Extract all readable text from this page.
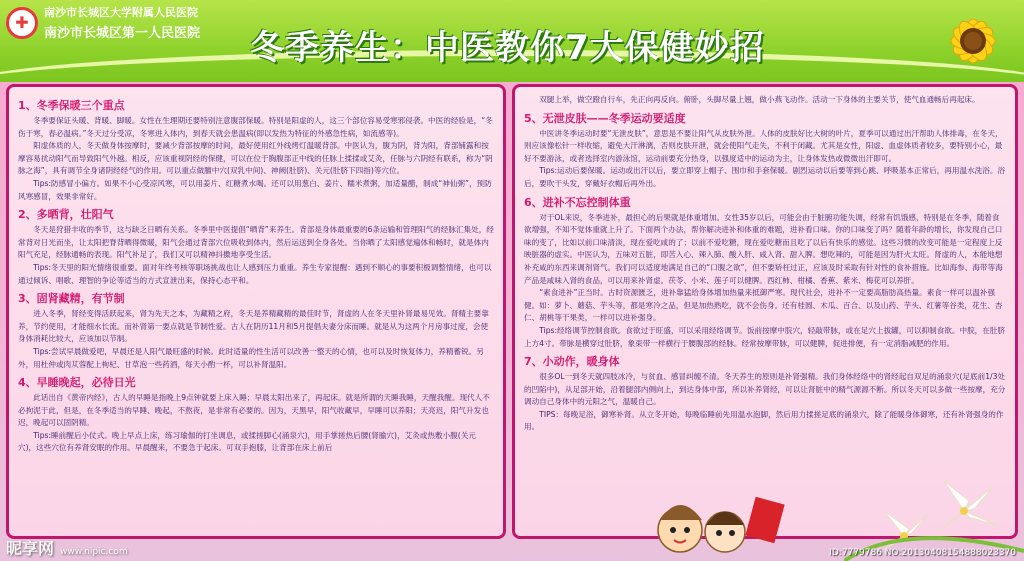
✚
南沙市长城区大学附属人民医院
南沙市长城区第一人民医院 冬季养生：中医教你7大保健妙招
1、冬季保暖三个重点
冬季要保证头暖、背暖、脚暖。女性在生理期还要特别注意腹部保暖。特别是阳虚的人，这三个部位容易受寒邪侵袭。中医的经验是，“冬伤于寒，春必温病。”冬天过分受凉，冬寒进入体内，到春天就会患温病(即以发热为特征的外感急性病，如流感等)。
阳虚体质的人，冬天做身体按摩时，要减少背部按摩的时间，最好使用红外线烤灯温暖背部。中医认为，腹为阴，背为阳，背部铺露和按摩容易扰动阳气而导致阳气外越。相反，应该重视阴经的保健，可以在位于胸腹部正中线的任脉上揉揉或艾灸，任脉与六阴经有联系，称为“阴脉之海”，具有调节全身诸阴经经气的作用。可以重点做膻中穴(双乳中间)、神阙(肚脐)、关元(肚脐下四指)等穴位。
Tips:防感冒小偏方。如果不小心受凉风寒，可以用姜片、红糖煮水喝。还可以用葱白、姜片、糯米煮粥，加适量醋，制成“神仙粥”，预防风寒感冒，效果非常好。
2、多晒背，壮阳气
冬天是狩猎丰收的季节，这与缺乏日晒有关系。冬季里中医提倡“晒背”来养生。背部是身体最重要的6条运输和管理阳气的经脉汇集处，经常背对日光而坐，让太阳把脊背晒得微暖，阳气会通过背部穴位吸收到体内，然后运送到全身各处。当你晒了太阳感觉遍体和畅时，就是体内阳气充足，经脉通畅的表现。阳气补足了，我们又可以精神抖擞地享受生活。
Tips:冬天里的阳光情绪很重要。面对年终考核等职场挑战也让人感到压力重重。养生专家提醒：遇到不顺心的事要积极调整情绪，也可以通过倾诉、唱歌、理智的争论等适当的方式宣泄出来，保持心态平和。
3、固肾藏精，有节制
进入冬季，肾经变得活跃起来，肾为先天之本，为藏精之府，冬天是养精藏精的最佳时节，肾虚的人在冬天里补肾最易见效。肾精主要靠养，节约使用，才能细水长流。而补肾第一要点就是节制性爱。古人在阴历11月和5月提倡夫妻分床而睡。就是从为这两个月房事过度，会使身体消耗比较大，应该加以节制。
Tips:尝试早晨做爱吧，早晨还是人阳气最旺盛的时候。此时适量的性生活可以改善一整天的心情，也可以及时恢复体力，养精蓄锐。另外，用杜仲或肉苁蓉配上枸杞、甘草泡一些药酒，每天小酌一杯，可以补肾温阳。
4、早睡晚起，必待日光
此话出自《黄帝内经》，古人的早睡是指晚上9点钟就要上床入睡；早晨太阳出来了，再起床。就是所谓的天睡我睡，天醒我醒。现代人不必拘泥于此，但是，在冬季适当的早睡、晚起，不熬夜，是非常有必要的。因为，天黑早，阳气收藏早，早睡可以养阳；天亮迟，阳气升发也迟，晚起可以固阴精。
Tips:睡前醒后小仗式。晚上早点上床，练习瑜伽的打坐调息，或揉搓脚心(涌泉穴)，用手掌搓热后腰(肾腧穴)，艾灸或热敷小腹(关元穴)，这些穴位有养肾安眠的作用。早晨醒来，不要急于起床。可双手抱膝，让背部在床上前后
双腿上举，做空蹬自行车，先正向再反向。俯卧，头脚尽量上翘，做小燕飞动作。活动一下身体的主要关节，使气血通畅后再起床。
5、无泄皮肤——冬季运动要适度
中医讲冬季运动时要“无泄皮肤”，意思是不要让阳气从皮肤外泄。人体的皮肤好比大树的叶片，夏季可以通过出汗帮助人体排毒，在冬天，则应该像松针一样收缩，避免大汗淋漓，否则皮肤开泄，就会使阳气走失，不利于闭藏。尤其是女性，阳虚、血虚体质者较多，要特别小心，最好不要游泳，或者选择室内游泳馆，运动前要充分热身，以强度适中的运动为主，让身体发热或微微出汗即可。
Tips:运动后要保暖。运动或出汗以后，要立即穿上帽子、围巾和手套保暖。剧烈运动以后要等到心跳、呼吸基本正常后，再用温水洗浴。浴后，要吹干头发，穿戴好衣帽后再外出。
6、进补不忘控制体重
对于OL来说，冬季进补，最担心的后果就是体重增加。女性35岁以后，可能会由于脏腑功能失调，经常有饥饿感，特别是在冬季，随着食欲增强，不知不觉体重就上升了。下面两个办法，帮你解决进补和体重的难题，进补看口味。你的口味变了吗？随着年龄的增长，你发现自己口味的变了，比如以前口味清淡，现在爱吃咸的了；以前不爱吃糖，现在爱吃糖而且吃了以后有快乐的感觉。这些习惯的改变可能是一定程度上反映脏器的虚实。中医认为，五味对五脏，即苦入心、辣入肺、酸入肝、咸入肾、甜入脾。想吃辣的，可能是因为肝火太旺。肾虚的人，本能地想补充咸的东西来调剂肾气。我们可以适度地满足自己的“口腹之欲”，但不要矫枉过正，应该及时采取有针对性的食补措施。比如海参、海带等海产品是咸味入肾的食品，可以用来补肾虚。茯苓、小米、莲子可以健脾。西红柿、柑橘、香蕉、紫米、梅花可以养肝。
“素食进补”正当时。古时资源匮乏，进补靠猛给身体增加热量来抵御严寒。现代社会，进补不一定要高脂肪高热量。素食一样可以温补强健。如：萝卜、蘑菇、芋头等，都是寒冷之品，但是加热熟吃，就不会伤身。还有桂圆、木瓜、百合、以及山药、芋头、红薯等谷类，花生、杏仁、胡桃等干果类，一样可以进补强身。
Tips:经络调节控制食欲。食欲过于旺盛，可以采用经络调节。饭前按摩中脘穴，轻敲带脉，或在足穴上拔罐，可以抑制食欲。中脘，在肚脐上方4寸。带脉是横穿过肚脐，象束带一样横行于腰腹部的经脉。经常按摩带脉，可以健脾，促进排便，有一定消脂减肥的作用。
7、小动作，暖身体
很多OL一到冬天就四肢冰冷，与贫血、感冒纠缠不清。冬天养生的原则是补肾强精。我们身体经络中的肾经起自双足的涌泉穴(足底前1/3处的凹陷中)，从足部开始，沿着腿部内侧向上，到达身体中部，所以补养肾经，可以让肾脏中的精气源源不断。所以冬天可以多做一些按摩，充分调动自己身体中的元阳之气，温暖自己。
TIPS：每晚足浴，御寒补肾。从立冬开始，每晚临睡前先用温水泡脚，然后用力揉搓足底的涌泉穴，除了能暖身体御寒，还有补肾强身的作用。
昵享网 www.nipic.com	ID:7779786 NO:20130408154888023370
